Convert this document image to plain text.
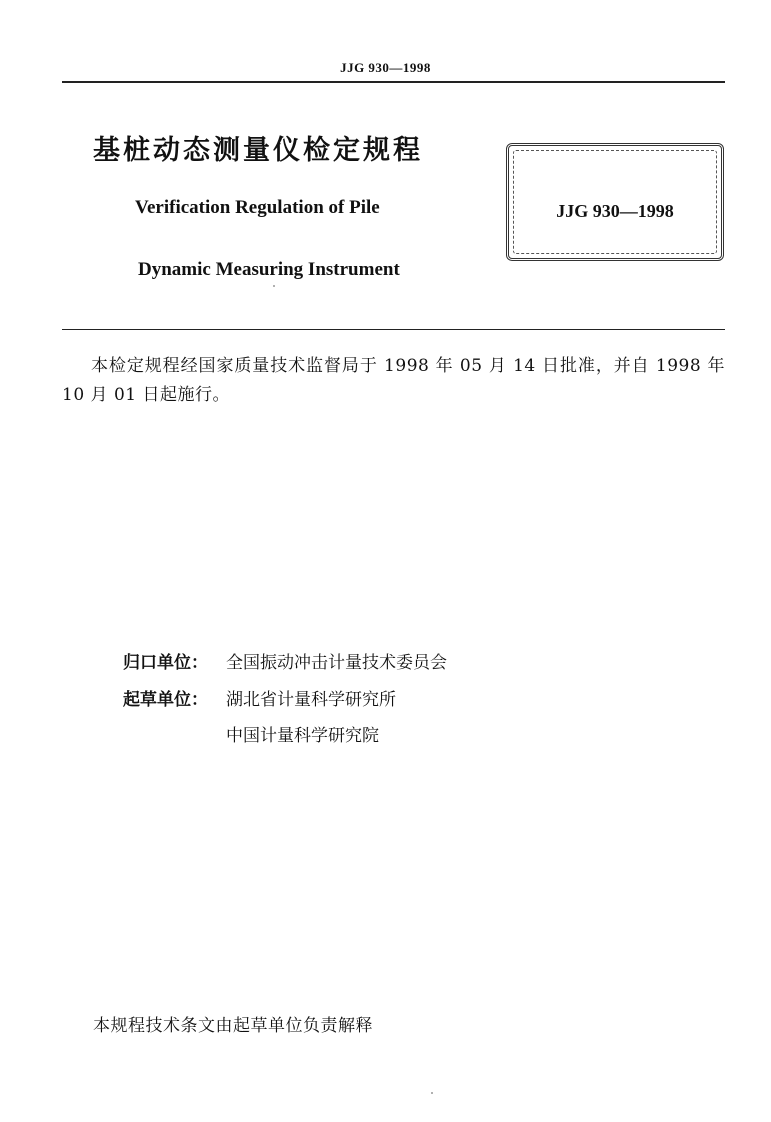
JJG 930—1998
基桩动态测量仪检定规程
Verification Regulation of Pile
Dynamic Measuring Instrument
JJG 930—1998
本检定规程经国家质量技术监督局于 1998 年 05 月 14 日批准，并自 1998 年 10 月 01 日起施行。
归口单位： 全国振动冲击计量技术委员会
起草单位： 湖北省计量科学研究所
中国计量科学研究院
本规程技术条文由起草单位负责解释
